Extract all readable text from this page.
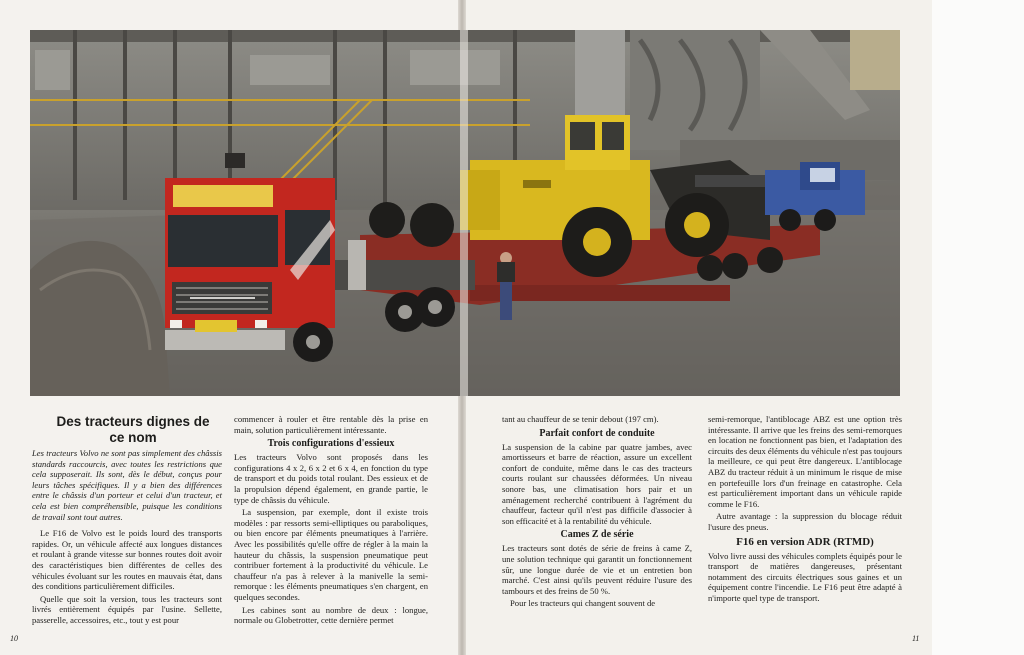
Des tracteurs dignes de ce nom

Les tracteurs Volvo ne sont pas simplement des châssis standards raccourcis, avec toutes les restrictions que cela supposerait. Ils sont, dès le début, conçus pour leurs tâches spécifiques. Il y a bien des différences entre le châssis d'un porteur et celui d'un tracteur, et cela est bien compréhensible, puisque les conditions de travail sont tout autres.

Le F16 de Volvo est le poids lourd des transports rapides. Or, un véhicule affecté aux longues distances et roulant à grande vitesse sur bonnes routes doit avoir des caractéristiques bien différentes de celles des véhicules évoluant sur les routes en mauvais état, dans des conditions particulièrement difficiles.

Quelle que soit la version, tous les tracteurs sont livrés entièrement équipés par l'usine. Sellette, passerelle, accessoires, etc., tout y est pour

commencer à rouler et être rentable dès la prise en main, solution particulièrement intéressante.

Trois configurations d'essieux

Les tracteurs Volvo sont proposés dans les configurations 4 x 2, 6 x 2 et 6 x 4, en fonction du type de transport et du poids total roulant. Des essieux et de la propulsion dépend également, en grande partie, le type de châssis du véhicule.

La suspension, par exemple, dont il existe trois modèles : par ressorts semi-elliptiques ou paraboliques, ou bien encore par éléments pneumatiques à l'arrière. Avec les possibilités qu'elle offre de régler à la main la hauteur du châssis, la suspension pneumatique peut contribuer fortement à la productivité du véhicule. Le chauffeur n'a pas à relever à la manivelle la semi-remorque : les éléments pneumatiques s'en chargent, en quelques secondes.

Les cabines sont au nombre de deux : longue, normale ou Globetrotter, cette dernière permet

tant au chauffeur de se tenir debout (197 cm).

Parfait confort de conduite

La suspension de la cabine par quatre jambes, avec amortisseurs et barre de réaction, assure un excellent confort de conduite, même dans le cas des tracteurs courts roulant sur chaussées déformées. Un niveau sonore bas, une climatisation hors pair et un aménagement recherché contribuent à l'agrément du chauffeur, facteur qu'il n'est pas difficile d'associer à son efficacité et à la rentabilité du véhicule.

Cames Z de série

Les tracteurs sont dotés de série de freins à came Z, une solution technique qui garantit un fonctionnement sûr, une longue durée de vie et un entretien bon marché. C'est ainsi qu'ils peuvent réduire l'usure des tambours et des freins de 50 %.

Pour les tracteurs qui changent souvent de

semi-remorque, l'antiblocage ABZ est une option très intéressante. Il arrive que les freins des semi-remorques en location ne fonctionnent pas bien, et l'adaptation des circuits des deux éléments du véhicule n'est pas toujours la meilleure, ce qui peut être dangereux. L'antiblocage ABZ du tracteur réduit à un minimum le risque de mise en portefeuille lors d'un freinage en catastrophe. Cela est particulièrement important dans un véhicule rapide comme le F16.

Autre avantage : la suppression du blocage réduit l'usure des pneus.

F16 en version ADR (RTMD)

Volvo livre aussi des véhicules complets équipés pour le transport de matières dangereuses, présentant notamment des circuits électriques sous gaines et un équipement contre l'incendie. Le F16 peut être adapté à n'importe quel type de transport.

10	11
